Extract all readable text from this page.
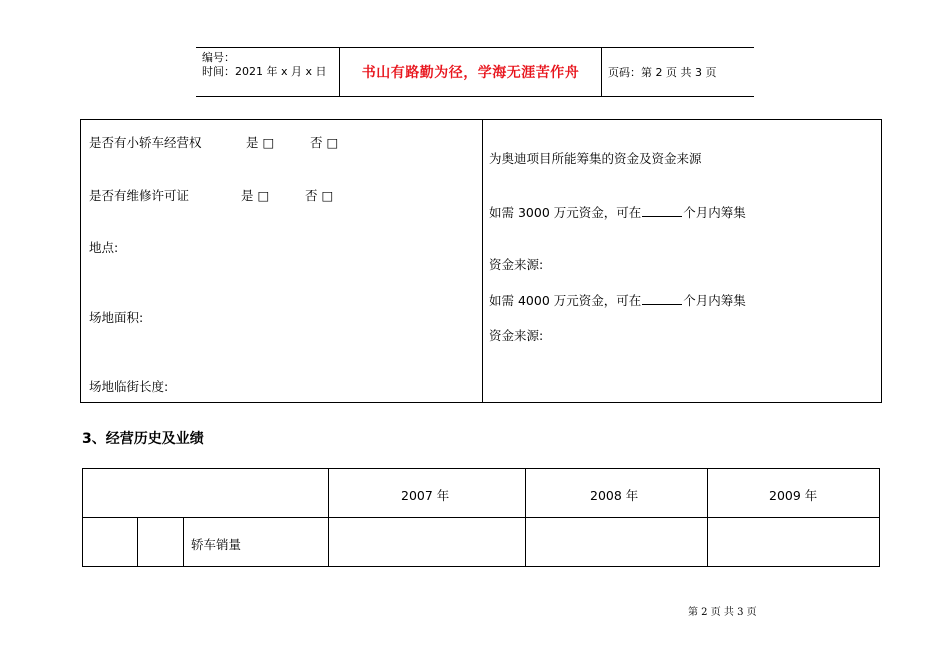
编号：
时间：2021 年 x 月 x 日	书山有路勤为径，学海无涯苦作舟	页码：第 2 页 共 3 页
是否有小轿车经营权	是 □	否 □
是否有维修许可证	是 □	否 □
地点:
场地面积:
场地临街长度:
为奥迪项目所能筹集的资金及资金来源
如需 3000 万元资金，可在	个月内筹集
资金来源:
如需 4000 万元资金，可在	个月内筹集
资金来源:
3、经营历史及业绩
2007 年	2008 年	2009 年
轿车销量
第 2 页 共 3 页
